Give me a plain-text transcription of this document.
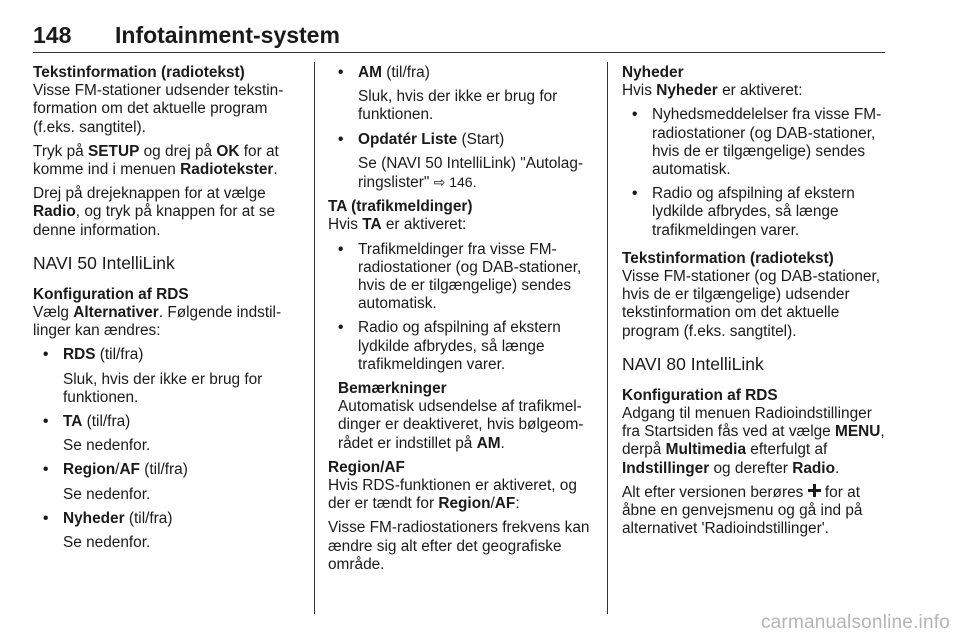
148 Infotainment-system
Tekstinformation (radiotekst)

Visse FM-stationer udsender tekstinformation om det aktuelle program (f.eks. sangtitel).

Tryk på SETUP og drej på OK for at komme ind i menuen Radiotekster.

Drej på drejeknappen for at vælge Radio, og tryk på knappen for at se denne information.

NAVI 50 IntelliLink
Konfiguration af RDS

Vælg Alternativer. Følgende indstillinger kan ændres:

• RDS (til/fra)
Sluk, hvis der ikke er brug for funktionen.
• TA (til/fra)
Se nedenfor.
• Region/AF (til/fra)
Se nedenfor.
• Nyheder (til/fra)
Se nedenfor.
• AM (til/fra)
Sluk, hvis der ikke er brug for funktionen.
• Opdatér Liste (Start)
Se (NAVI 50 IntelliLink) "Autolagringslister" ⇨ 146.
TA (trafikmeldinger)

Hvis TA er aktiveret:

• Trafikmeldinger fra visse FM-radiostationer (og DAB-stationer, hvis de er tilgængelige) sendes automatisk.
• Radio og afspilning af ekstern lydkilde afbrydes, så længe trafikmeldingen varer.
Bemærkninger
Automatisk udsendelse af trafikmeldinger er deaktiveret, hvis bølgeområdet er indstillet på AM.
Region/AF

Hvis RDS-funktionen er aktiveret, og der er tændt for Region/AF:

Visse FM-radiostationers frekvens kan ændre sig alt efter det geografiske område.

Nyheder

Hvis Nyheder er aktiveret:

• Nyhedsmeddelelser fra visse FM-radiostationer (og DAB-stationer, hvis de er tilgængelige) sendes automatisk.
• Radio og afspilning af ekstern lydkilde afbrydes, så længe trafikmeldingen varer.
Tekstinformation (radiotekst)

Visse FM-stationer (og DAB-stationer, hvis de er tilgængelige) udsender tekstinformation om det aktuelle program (f.eks. sangtitel).

NAVI 80 IntelliLink
Konfiguration af RDS

Adgang til menuen Radioindstillinger fra Startsiden fås ved at vælge MENU, derpå Multimedia efterfulgt af Indstillinger og derefter Radio.

Alt efter versionen berøres  for at åbne en genvejsmenu og gå ind på alternativet 'Radioindstillinger'.

carmanualsonline.info
